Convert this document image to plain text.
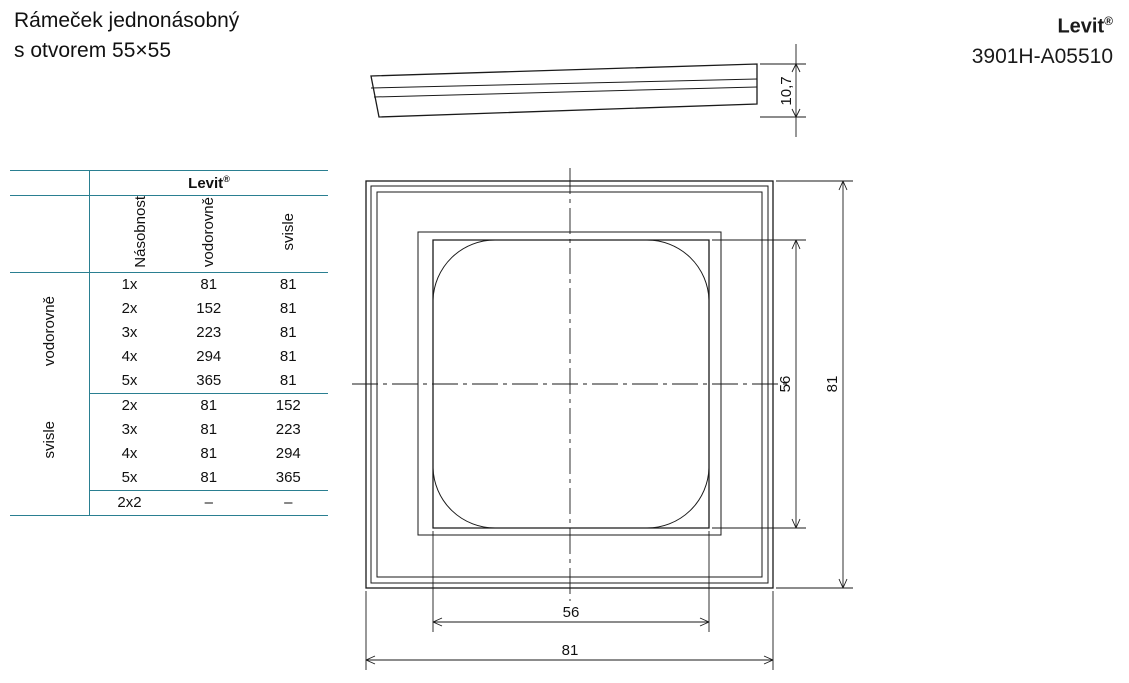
Rámeček jednonásobný
s otvorem 55×55
Levit®
3901H-A05510
	Levit®
	Násobnost	vodorovně	svisle
vodorovně	1x	81	81
	2x	152	81
	3x	223	81
	4x	294	81
	5x	365	81
svisle	2x	81	152
	3x	81	223
	4x	81	294
	5x	81	365
	2x2	–	–
10,7
56 81
56
81
